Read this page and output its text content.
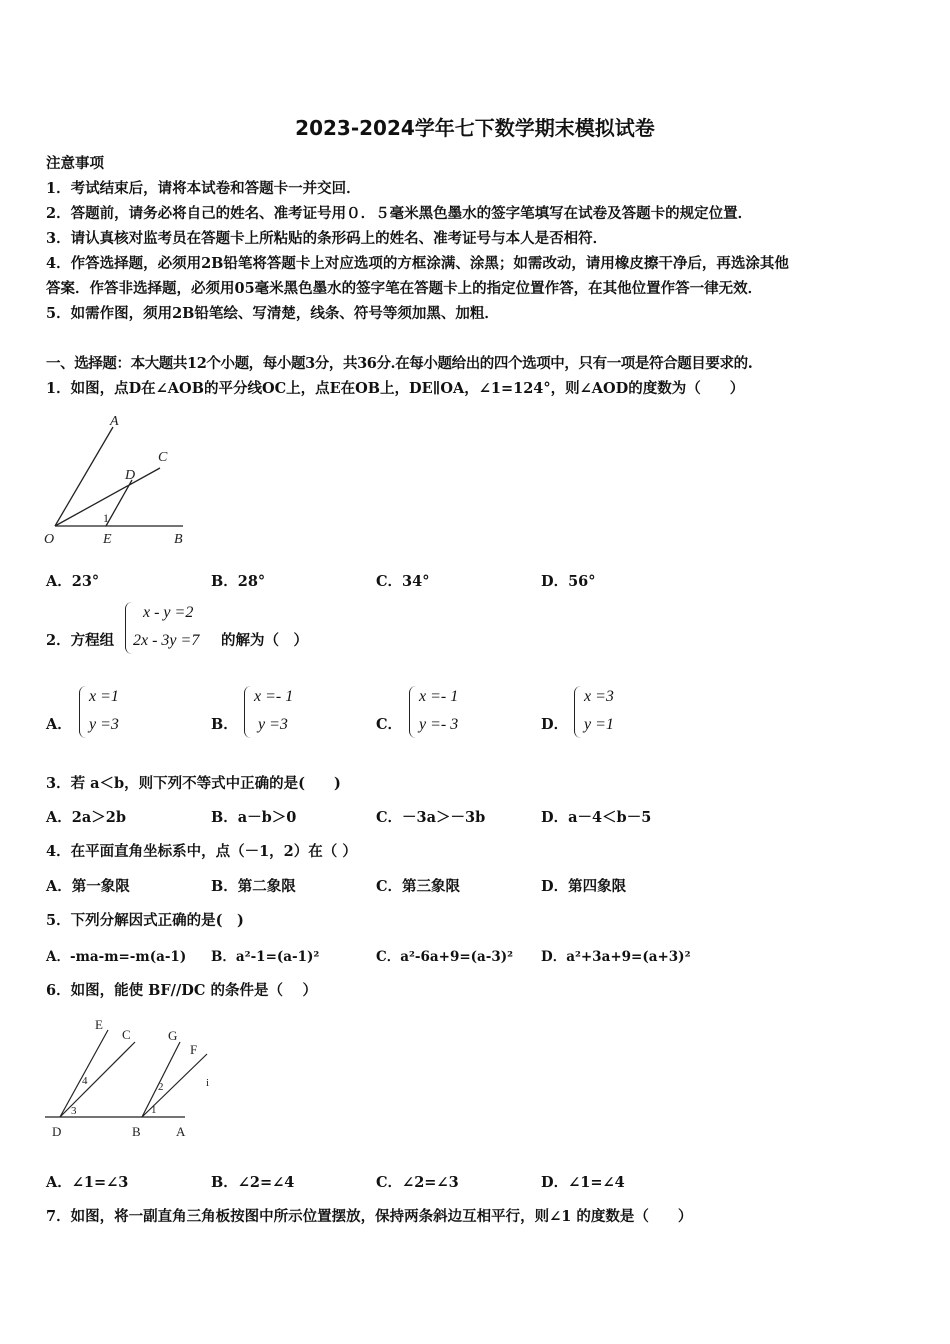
2023-2024学年七下数学期末模拟试卷
注意事项
1．考试结束后，请将本试卷和答题卡一并交回．
2．答题前，请务必将自己的姓名、准考证号用０．５毫米黑色墨水的签字笔填写在试卷及答题卡的规定位置．
3．请认真核对监考员在答题卡上所粘贴的条形码上的姓名、准考证号与本人是否相符．
4．作答选择题，必须用2B铅笔将答题卡上对应选项的方框涂满、涂黑；如需改动，请用橡皮擦干净后，再选涂其他
答案．作答非选择题，必须用05毫米黑色墨水的签字笔在答题卡上的指定位置作答，在其他位置作答一律无效．
5．如需作图，须用2B铅笔绘、写清楚，线条、符号等须加黑、加粗．
一、选择题：本大题共12个小题，每小题3分，共36分.在每小题给出的四个选项中，只有一项是符合题目要求的.
1．如图，点D在∠AOB的平分线OC上，点E在OB上，DE∥OA，∠1=124°，则∠AOD的度数为（　　）
A
C
D
O	E	B
1
A．23°	B．28°	C．34°	D．56°
2．方程组
x - y =2
2x - 3y =7 的解为（　）
A．
x =1
y =3	B．
x =- 1
y =3	C．
x =- 1
y =- 3	D．
x =3
y =1
3．若 a＜b，则下列不等式中正确的是(　　)
A．2a＞2b	B．a－b＞0	C．－3a＞－3b	D．a－4＜b－5
4．在平面直角坐标系中，点（－1，2）在（ ）
A．第一象限	B．第二象限	C．第三象限	D．第四象限
5．下列分解因式正确的是(　)
A．-ma-m=-m(a-1) B．a²-1=(a-1)²	C．a²-6a+9=(a-3)² D．a²+3a+9=(a+3)²
6．如图，能使 BF//DC 的条件是（　 ）
E
C	G
F
i
D	B	A
4	2
3	1
A．∠1=∠3	B．∠2=∠4	C．∠2=∠3	D．∠1=∠4
7．如图，将一副直角三角板按图中所示位置摆放，保持两条斜边互相平行，则∠1 的度数是（　　）
